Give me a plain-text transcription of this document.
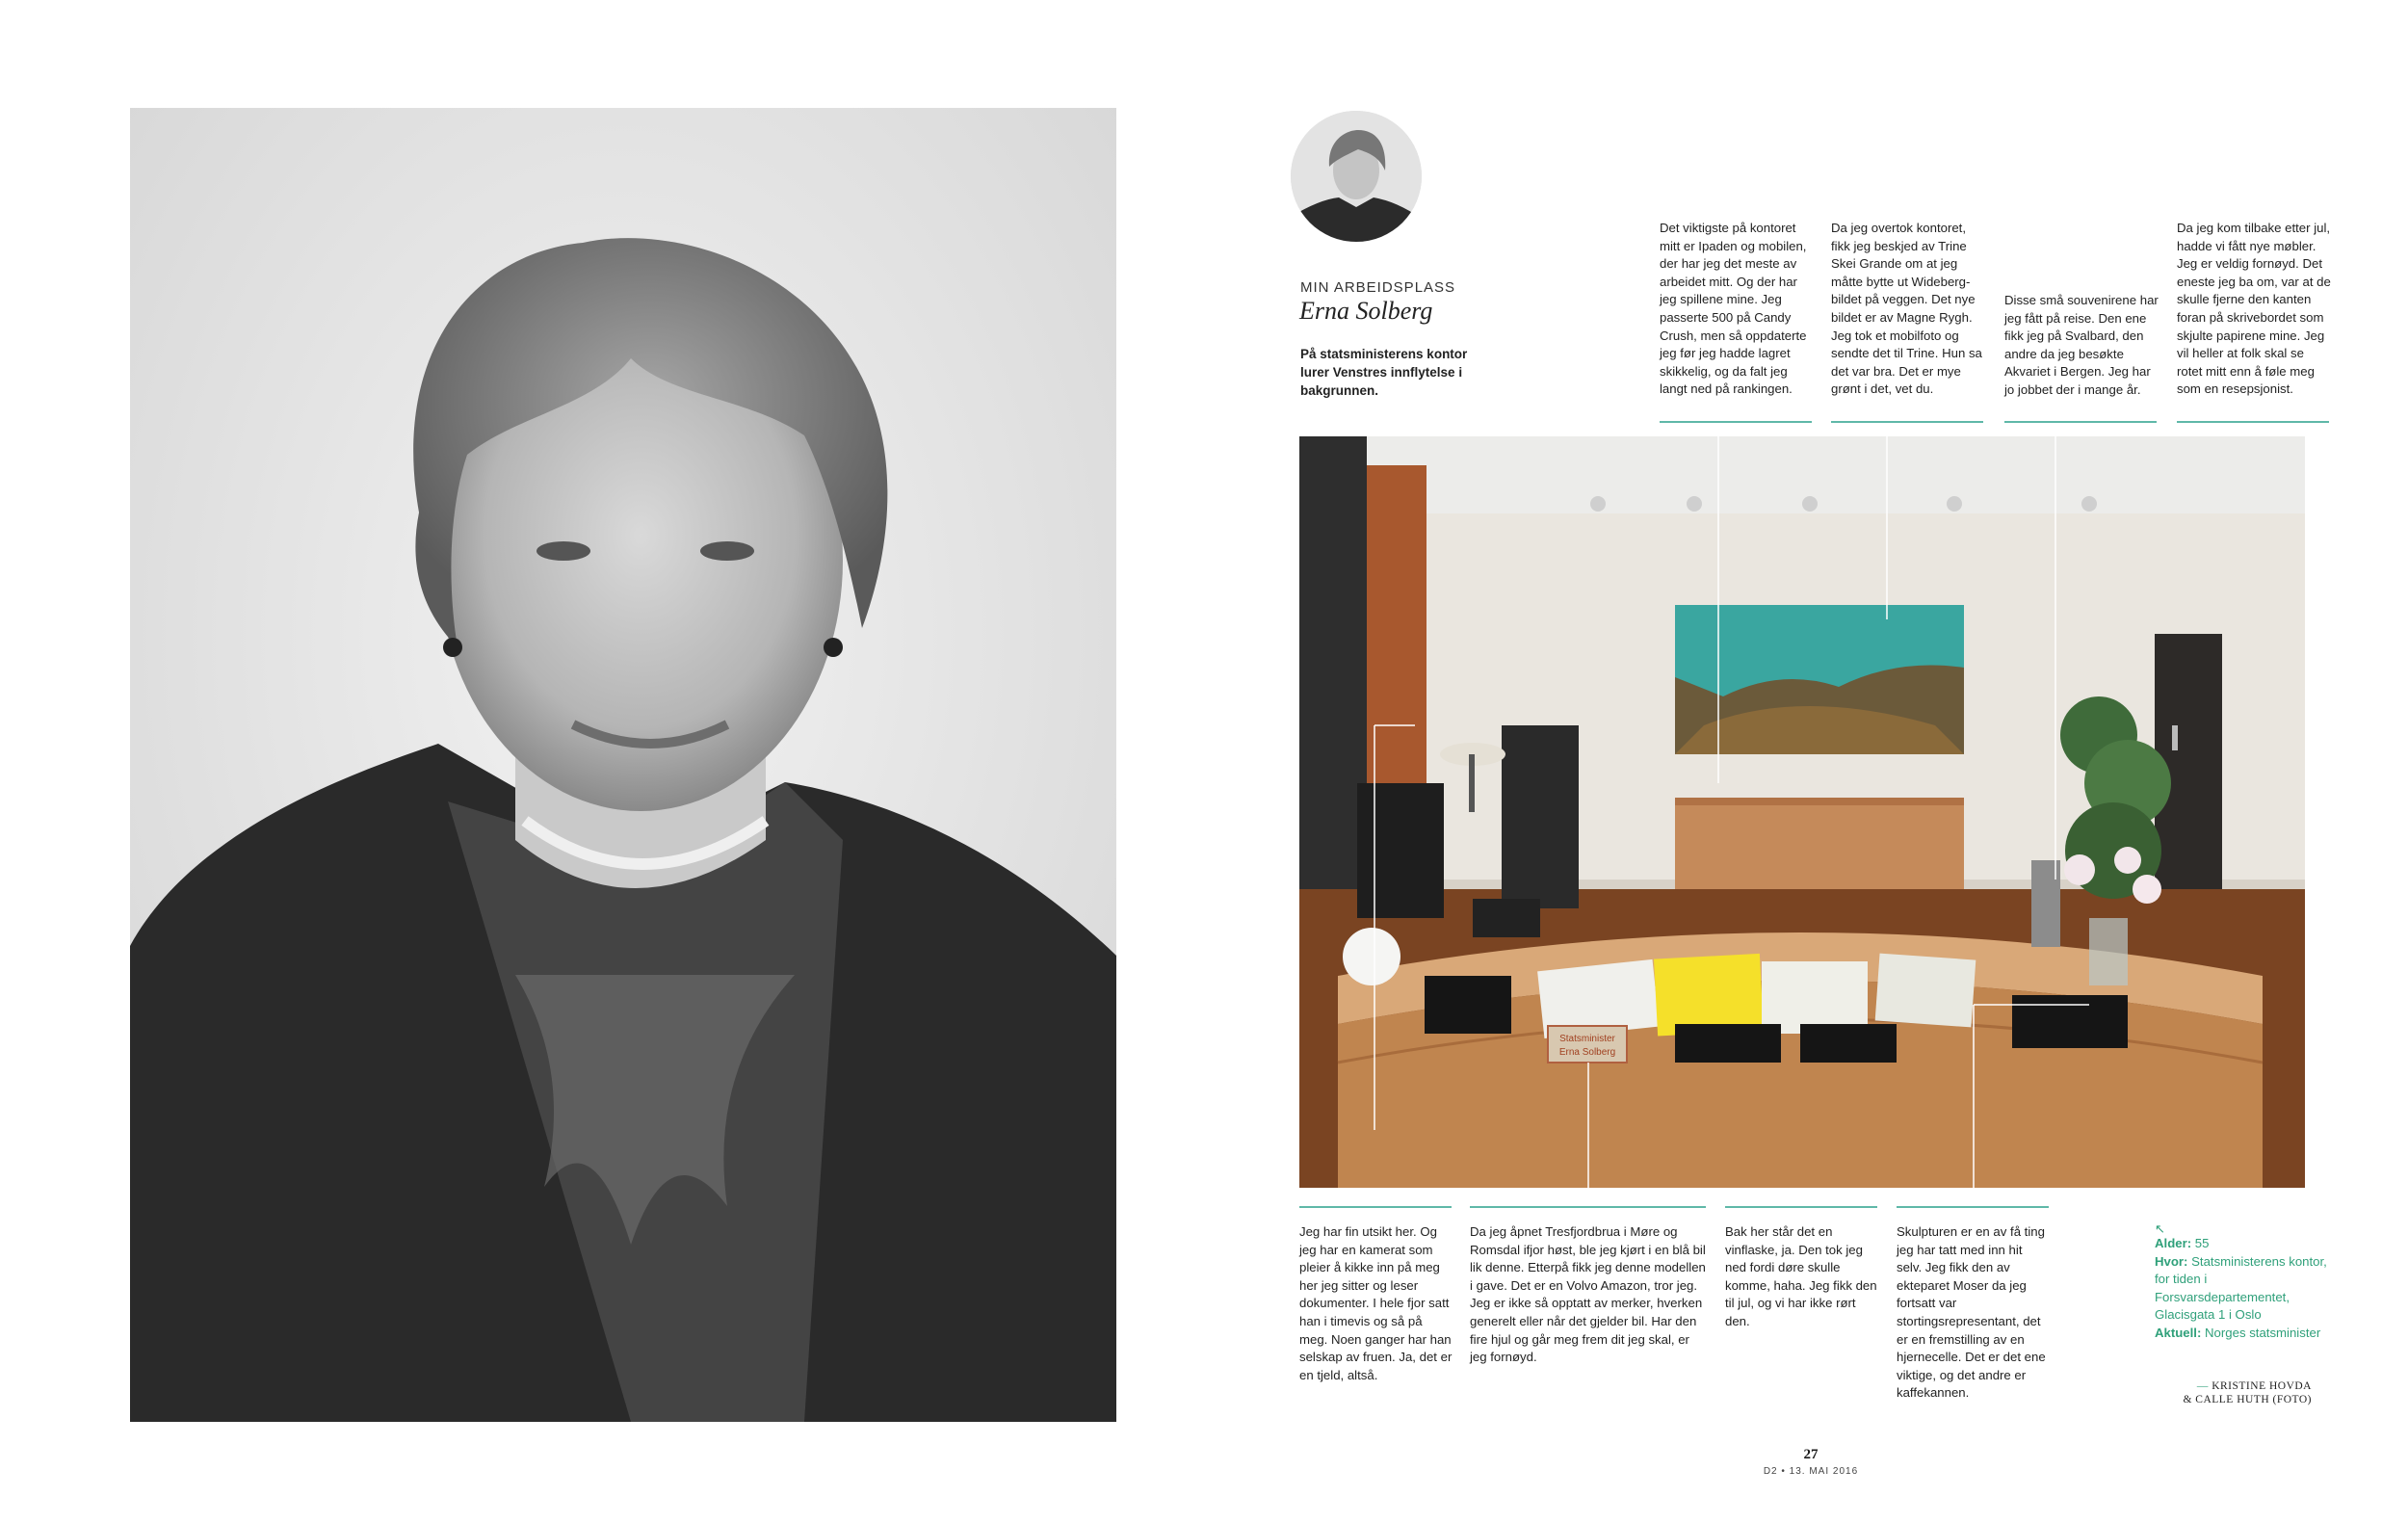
MIN ARBEIDSPLASS
Erna Solberg
På statsministerens kontor lurer Venstres innflytelse i bakgrunnen.
Det viktigste på kontoret mitt er Ipaden og mobilen, der har jeg det meste av arbeidet mitt. Og der har jeg spillene mine. Jeg passerte 500 på Candy Crush, men så oppdaterte jeg før jeg hadde lagret skikkelig, og da falt jeg langt ned på rankingen.
Da jeg overtok kontoret, fikk jeg beskjed av Trine Skei Grande om at jeg måtte bytte ut Wideberg-bildet på veggen. Det nye bildet er av Magne Rygh. Jeg tok et mobilfoto og sendte det til Trine. Hun sa det var bra. Det er mye grønt i det, vet du.
Disse små souvenirene har jeg fått på reise. Den ene fikk jeg på Svalbard, den andre da jeg besøkte Akvariet i Bergen. Jeg har jo jobbet der i mange år.
Da jeg kom tilbake etter jul, hadde vi fått nye møbler. Jeg er veldig fornøyd. Det eneste jeg ba om, var at de skulle fjerne den kanten foran på skrivebordet som skjulte papirene mine. Jeg vil heller at folk skal se rotet mitt enn å føle meg som en resepsjonist.
Statsminister
Erna Solberg
Jeg har fin utsikt her. Og jeg har en kamerat som pleier å kikke inn på meg her jeg sitter og leser dokumenter. I hele fjor satt han i timevis og så på meg. Noen ganger har han selskap av fruen. Ja, det er en tjeld, altså.
Da jeg åpnet Tresfjordbrua i Møre og Romsdal ifjor høst, ble jeg kjørt i en blå bil lik denne. Etterpå fikk jeg denne modellen i gave. Det er en Volvo Amazon, tror jeg. Jeg er ikke så opptatt av merker, hverken generelt eller når det gjelder bil. Har den fire hjul og går meg frem dit jeg skal, er jeg fornøyd.
Bak her står det en vinflaske, ja. Den tok jeg ned fordi døre skulle komme, haha. Jeg fikk den til jul, og vi har ikke rørt den.
Skulpturen er en av få ting jeg har tatt med inn hit selv. Jeg fikk den av ekteparet Moser da jeg fortsatt var stortingsrepresentant, det er en fremstilling av en hjernecelle. Det er det ene viktige, og det andre er kaffekannen.
↖
Alder: 55
Hvor: Statsministerens kontor, for tiden i Forsvarsdepartementet, Glacisgata 1 i Oslo
Aktuell: Norges statsminister
— KRISTINE HOVDA
& CALLE HUTH (FOTO)
27
D2 • 13. MAI 2016
